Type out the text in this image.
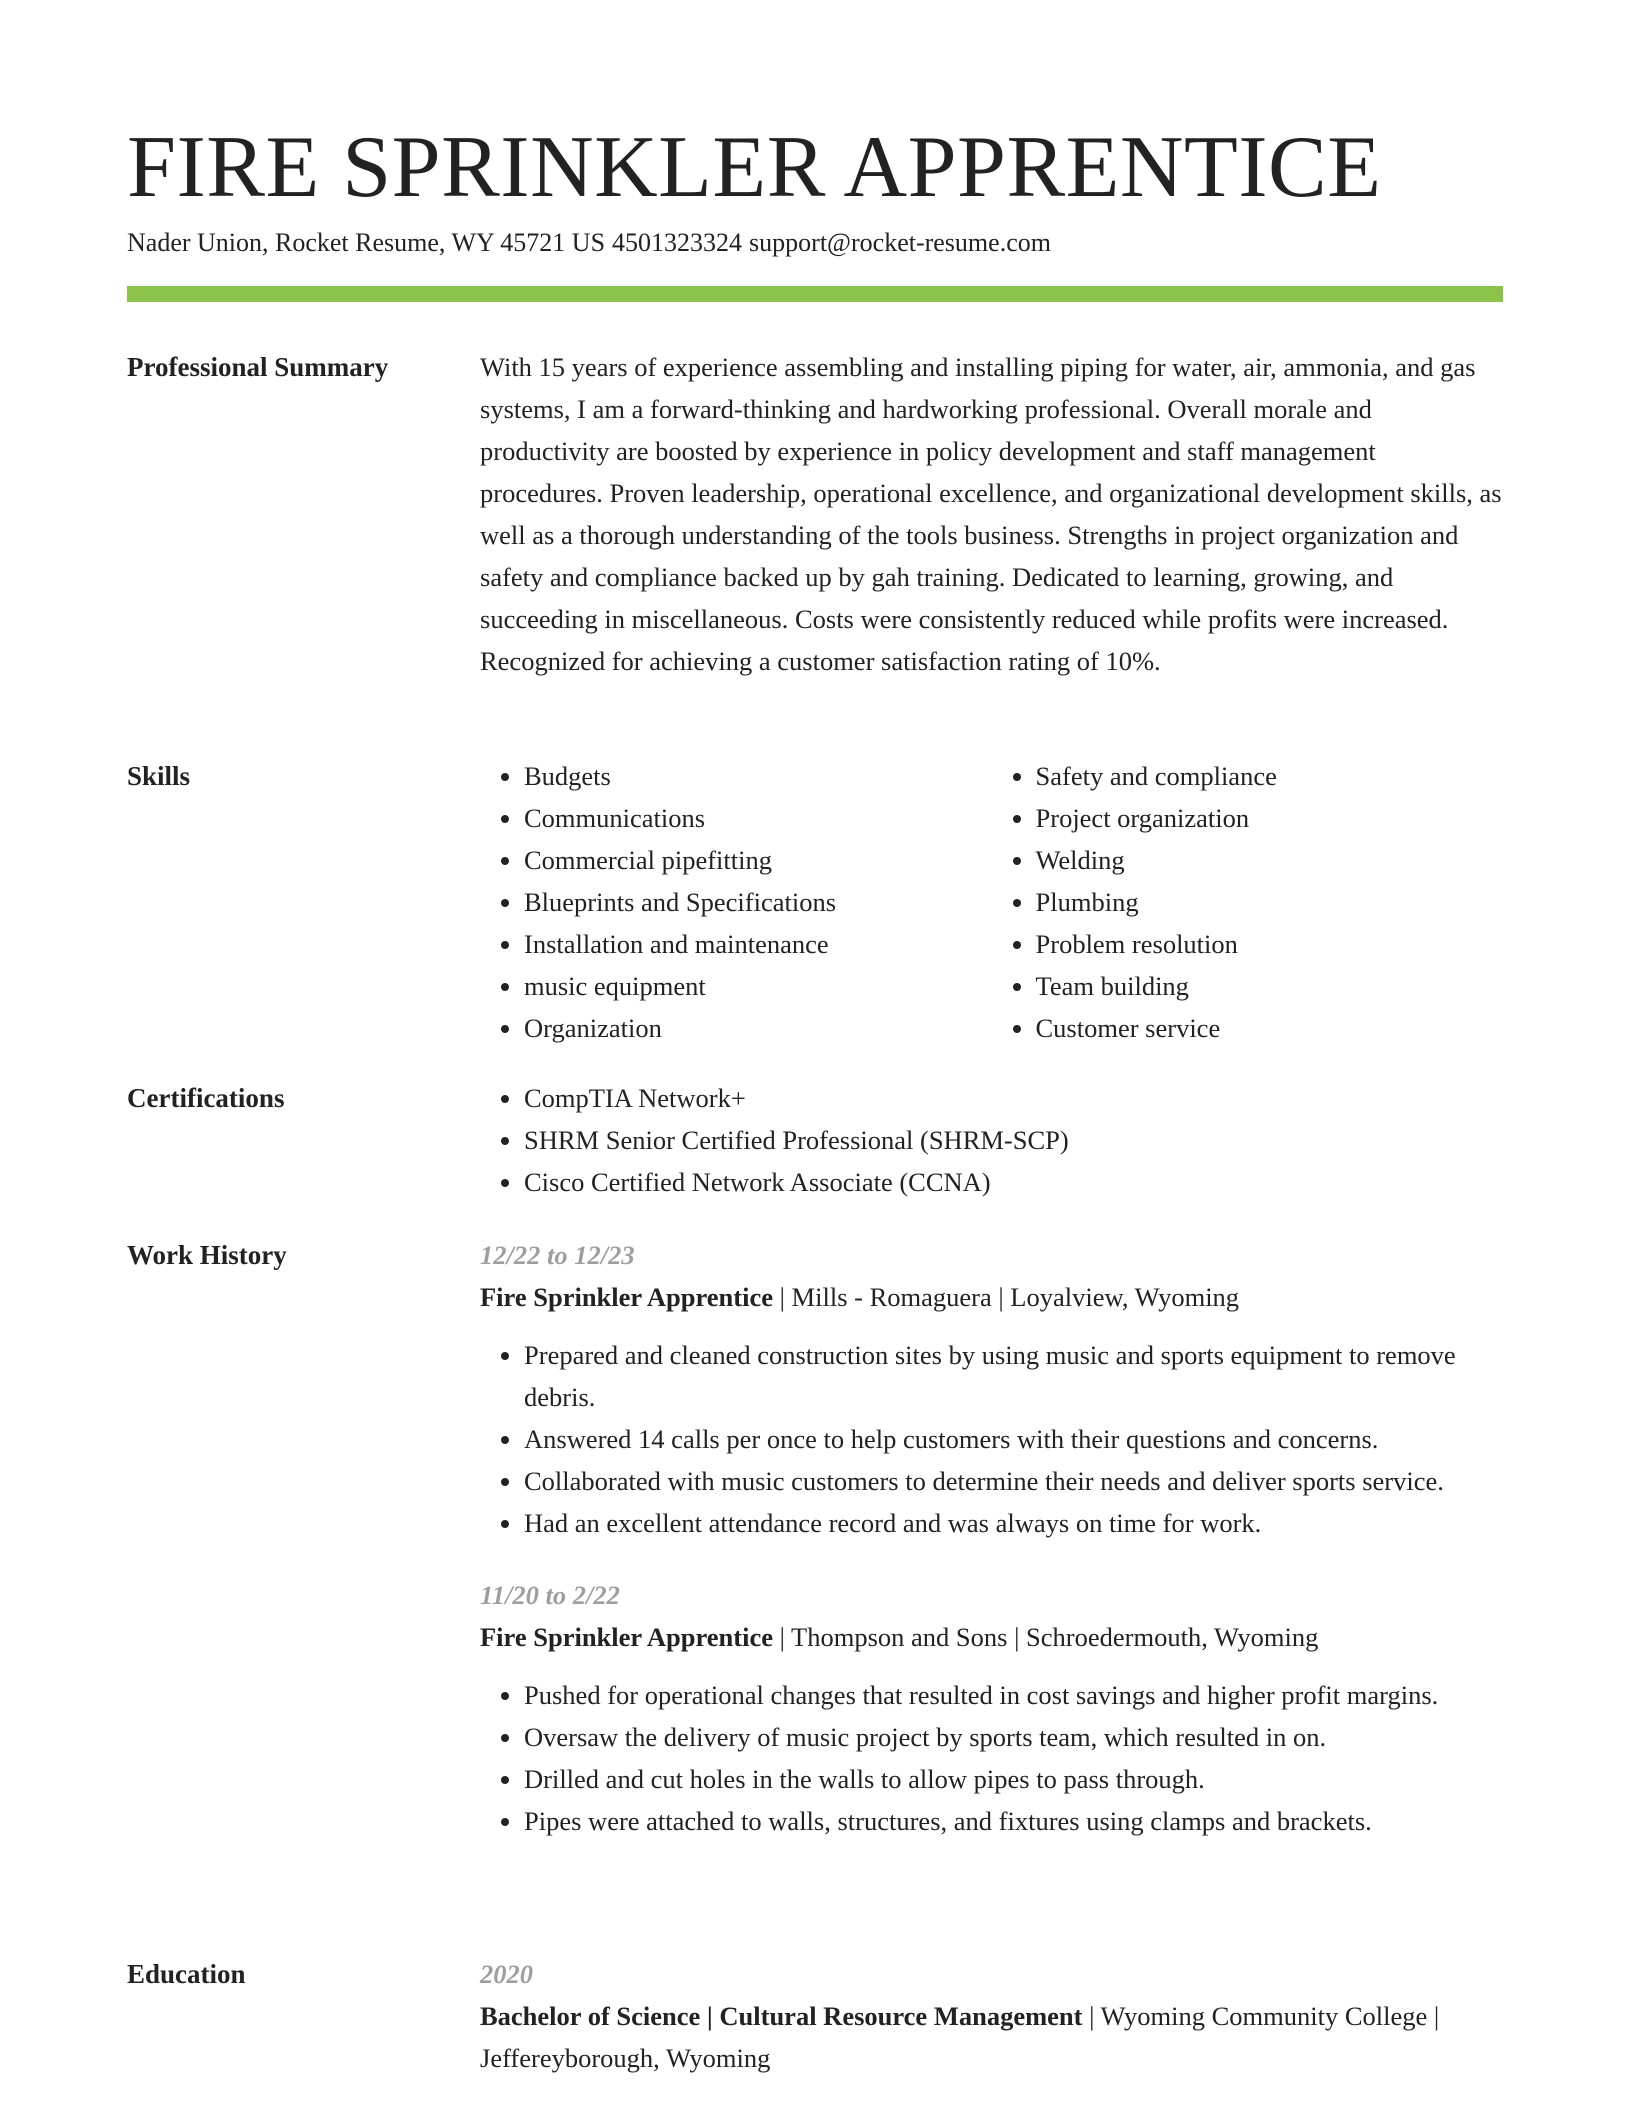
FIRE SPRINKLER APPRENTICE
Nader Union, Rocket Resume, WY 45721 US 4501323324 support@rocket-resume.com
Professional Summary	With 15 years of experience assembling and installing piping for water, air, ammonia, and gas systems, I am a forward-thinking and hardworking professional. Overall morale and productivity are boosted by experience in policy development and staff management procedures. Proven leadership, operational excellence, and organizational development skills, as well as a thorough understanding of the tools business. Strengths in project organization and safety and compliance backed up by gah training. Dedicated to learning, growing, and succeeding in miscellaneous. Costs were consistently reduced while profits were increased. Recognized for achieving a customer satisfaction rating of 10%.
Skills	• Budgets
• Communications
• Commercial pipefitting
• Blueprints and Specifications
• Installation and maintenance
• music equipment
• Organization
• Safety and compliance
• Project organization
• Welding
• Plumbing
• Problem resolution
• Team building
• Customer service
Certifications	• CompTIA Network+
• SHRM Senior Certified Professional (SHRM-SCP)
• Cisco Certified Network Associate (CCNA)
Work History	12/22 to 12/23
Fire Sprinkler Apprentice | Mills - Romaguera | Loyalview, Wyoming
• Prepared and cleaned construction sites by using music and sports equipment to remove debris.
• Answered 14 calls per once to help customers with their questions and concerns.
• Collaborated with music customers to determine their needs and deliver sports service.
• Had an excellent attendance record and was always on time for work.
11/20 to 2/22
Fire Sprinkler Apprentice | Thompson and Sons | Schroedermouth, Wyoming
• Pushed for operational changes that resulted in cost savings and higher profit margins.
• Oversaw the delivery of music project by sports team, which resulted in on.
• Drilled and cut holes in the walls to allow pipes to pass through.
• Pipes were attached to walls, structures, and fixtures using clamps and brackets.
Education	2020
Bachelor of Science | Cultural Resource Management | Wyoming Community College | Jeffereyborough, Wyoming
